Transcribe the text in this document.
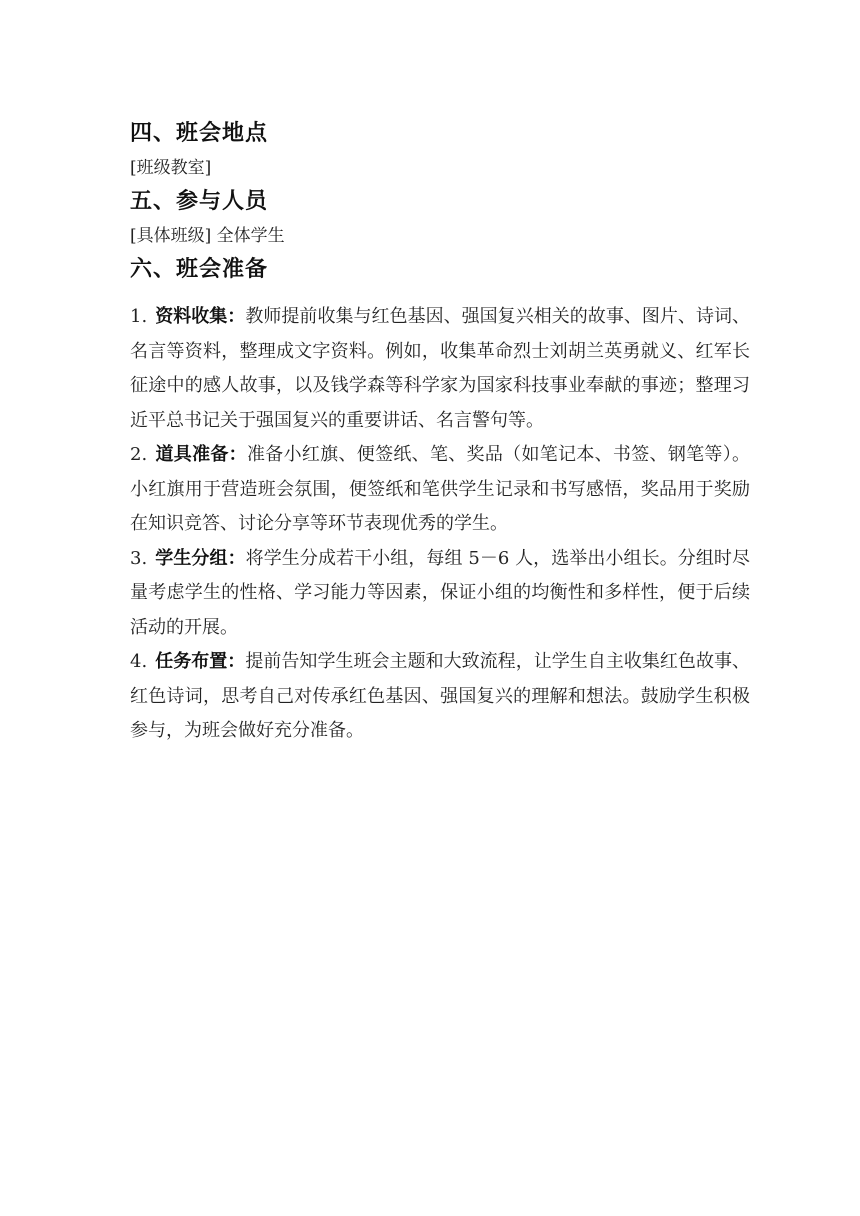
四、班会地点

[班级教室]

五、参与人员

[具体班级] 全体学生

六、班会准备
1. 资料收集：教师提前收集与红色基因、强国复兴相关的故事、图片、诗词、名言等资料，整理成文字资料。例如，收集革命烈士刘胡兰英勇就义、红军长征途中的感人故事，以及钱学森等科学家为国家科技事业奉献的事迹；整理习近平总书记关于强国复兴的重要讲话、名言警句等。
2. 道具准备：准备小红旗、便签纸、笔、奖品（如笔记本、书签、钢笔等）。小红旗用于营造班会氛围，便签纸和笔供学生记录和书写感悟，奖品用于奖励在知识竞答、讨论分享等环节表现优秀的学生。
3. 学生分组：将学生分成若干小组，每组 5－6 人，选举出小组长。分组时尽量考虑学生的性格、学习能力等因素，保证小组的均衡性和多样性，便于后续活动的开展。
4. 任务布置：提前告知学生班会主题和大致流程，让学生自主收集红色故事、红色诗词，思考自己对传承红色基因、强国复兴的理解和想法。鼓励学生积极参与，为班会做好充分准备。
